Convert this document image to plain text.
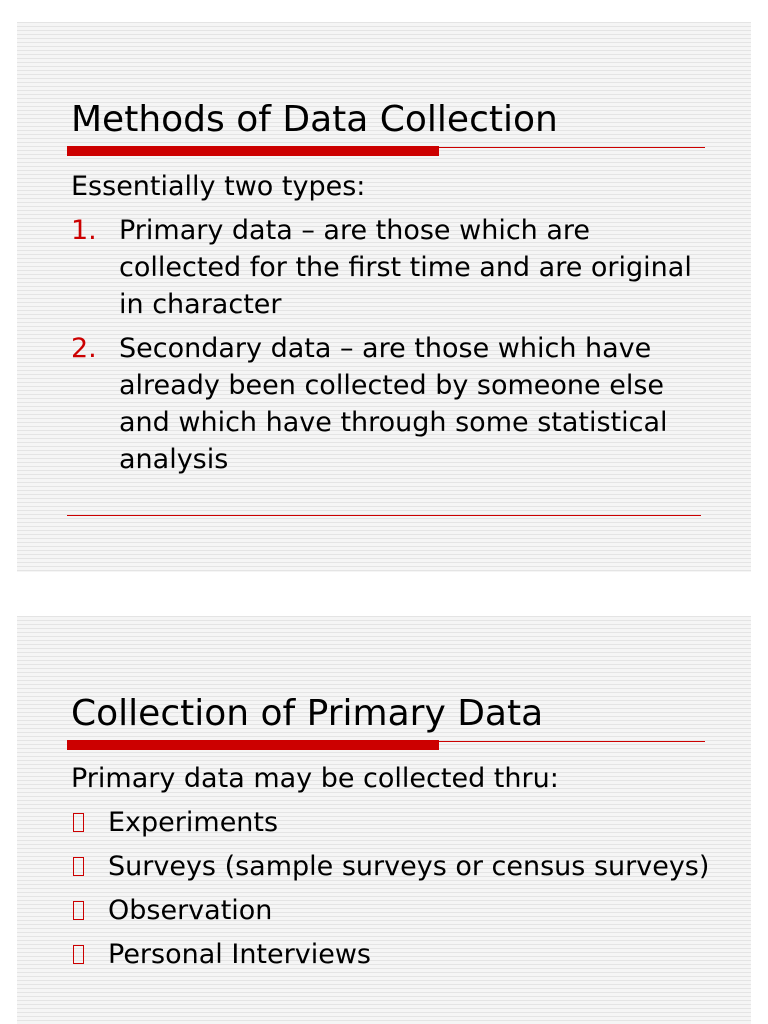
Methods of Data Collection
Essentially two types:
1. Primary data – are those which are collected for the first time and are original in character
2. Secondary data – are those which have already been collected by someone else and which have through some statistical analysis
Collection of Primary Data
Primary data may be collected thru:
Experiments
Surveys (sample surveys or census surveys)
Observation
Personal Interviews
